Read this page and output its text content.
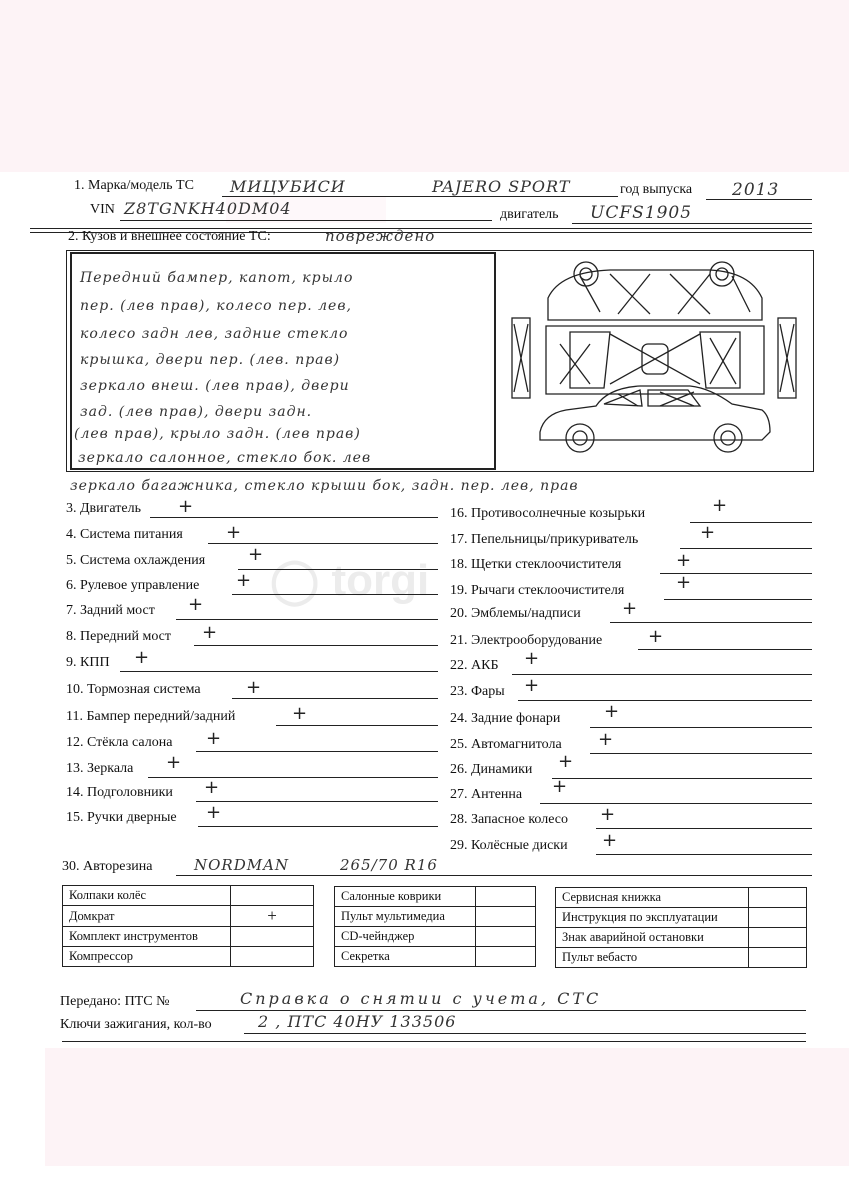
◯ torgi
1. Марка/модель ТС МИЦУБИСИ	PAJERO SPORT	год выпуска 2013
VIN Z8TGNKH40DM04	двигатель UCFS1905
2. Кузов и внешнее состояние ТС:	повреждено
Передний бампер, капот, крыло
пер. (лев прав), колесо пер. лев,
колесо задн лев, задние стекло
крышка, двери пер. (лев. прав)
зеркало внеш. (лев прав), двери
зад. (лев прав), двери задн.
(лев прав), крыло задн. (лев прав)
зеркало салонное, стекло бок. лев
зеркало багажника, стекло крыши бок, задн. пер. лев, прав
3. Двигатель +
4. Система питания +
5. Система охлаждения +
6. Рулевое управление +
7. Задний мост +
8. Передний мост +
9. КПП +
10. Тормозная система	+
11. Бампер передний/задний	+
12. Стёкла салона +
13. Зеркала +
14. Подголовники +
15. Ручки дверные +
16. Противосолнечные козырьки	+
17. Пепельницы/прикуриватель	+
18. Щетки стеклоочистителя	+
19. Рычаги стеклоочистителя	+
20. Эмблемы/надписи +
21. Электрооборудование	+
22. АКБ +
23. Фары +
24. Задние фонари +
25. Автомагнитола +
26. Динамики +
27. Антенна +
28. Запасное колесо +
29. Колёсные диски +
30. Авторезина	NORDMAN	265/70 R16
Колпаки колёс	
Домкрат	+
Комплект инструментов	
Компрессор	
Салонные коврики	
Пульт мультимедиа	
CD-чейнджер	
Секретка	
Сервисная книжка	
Инструкция по эксплуатации	
Знак аварийной остановки	
Пульт вебасто	
Передано: ПТС №	Справка о снятии с учета, СТС
Ключи зажигания, кол-во	2 , ПТС 40НУ 133506
